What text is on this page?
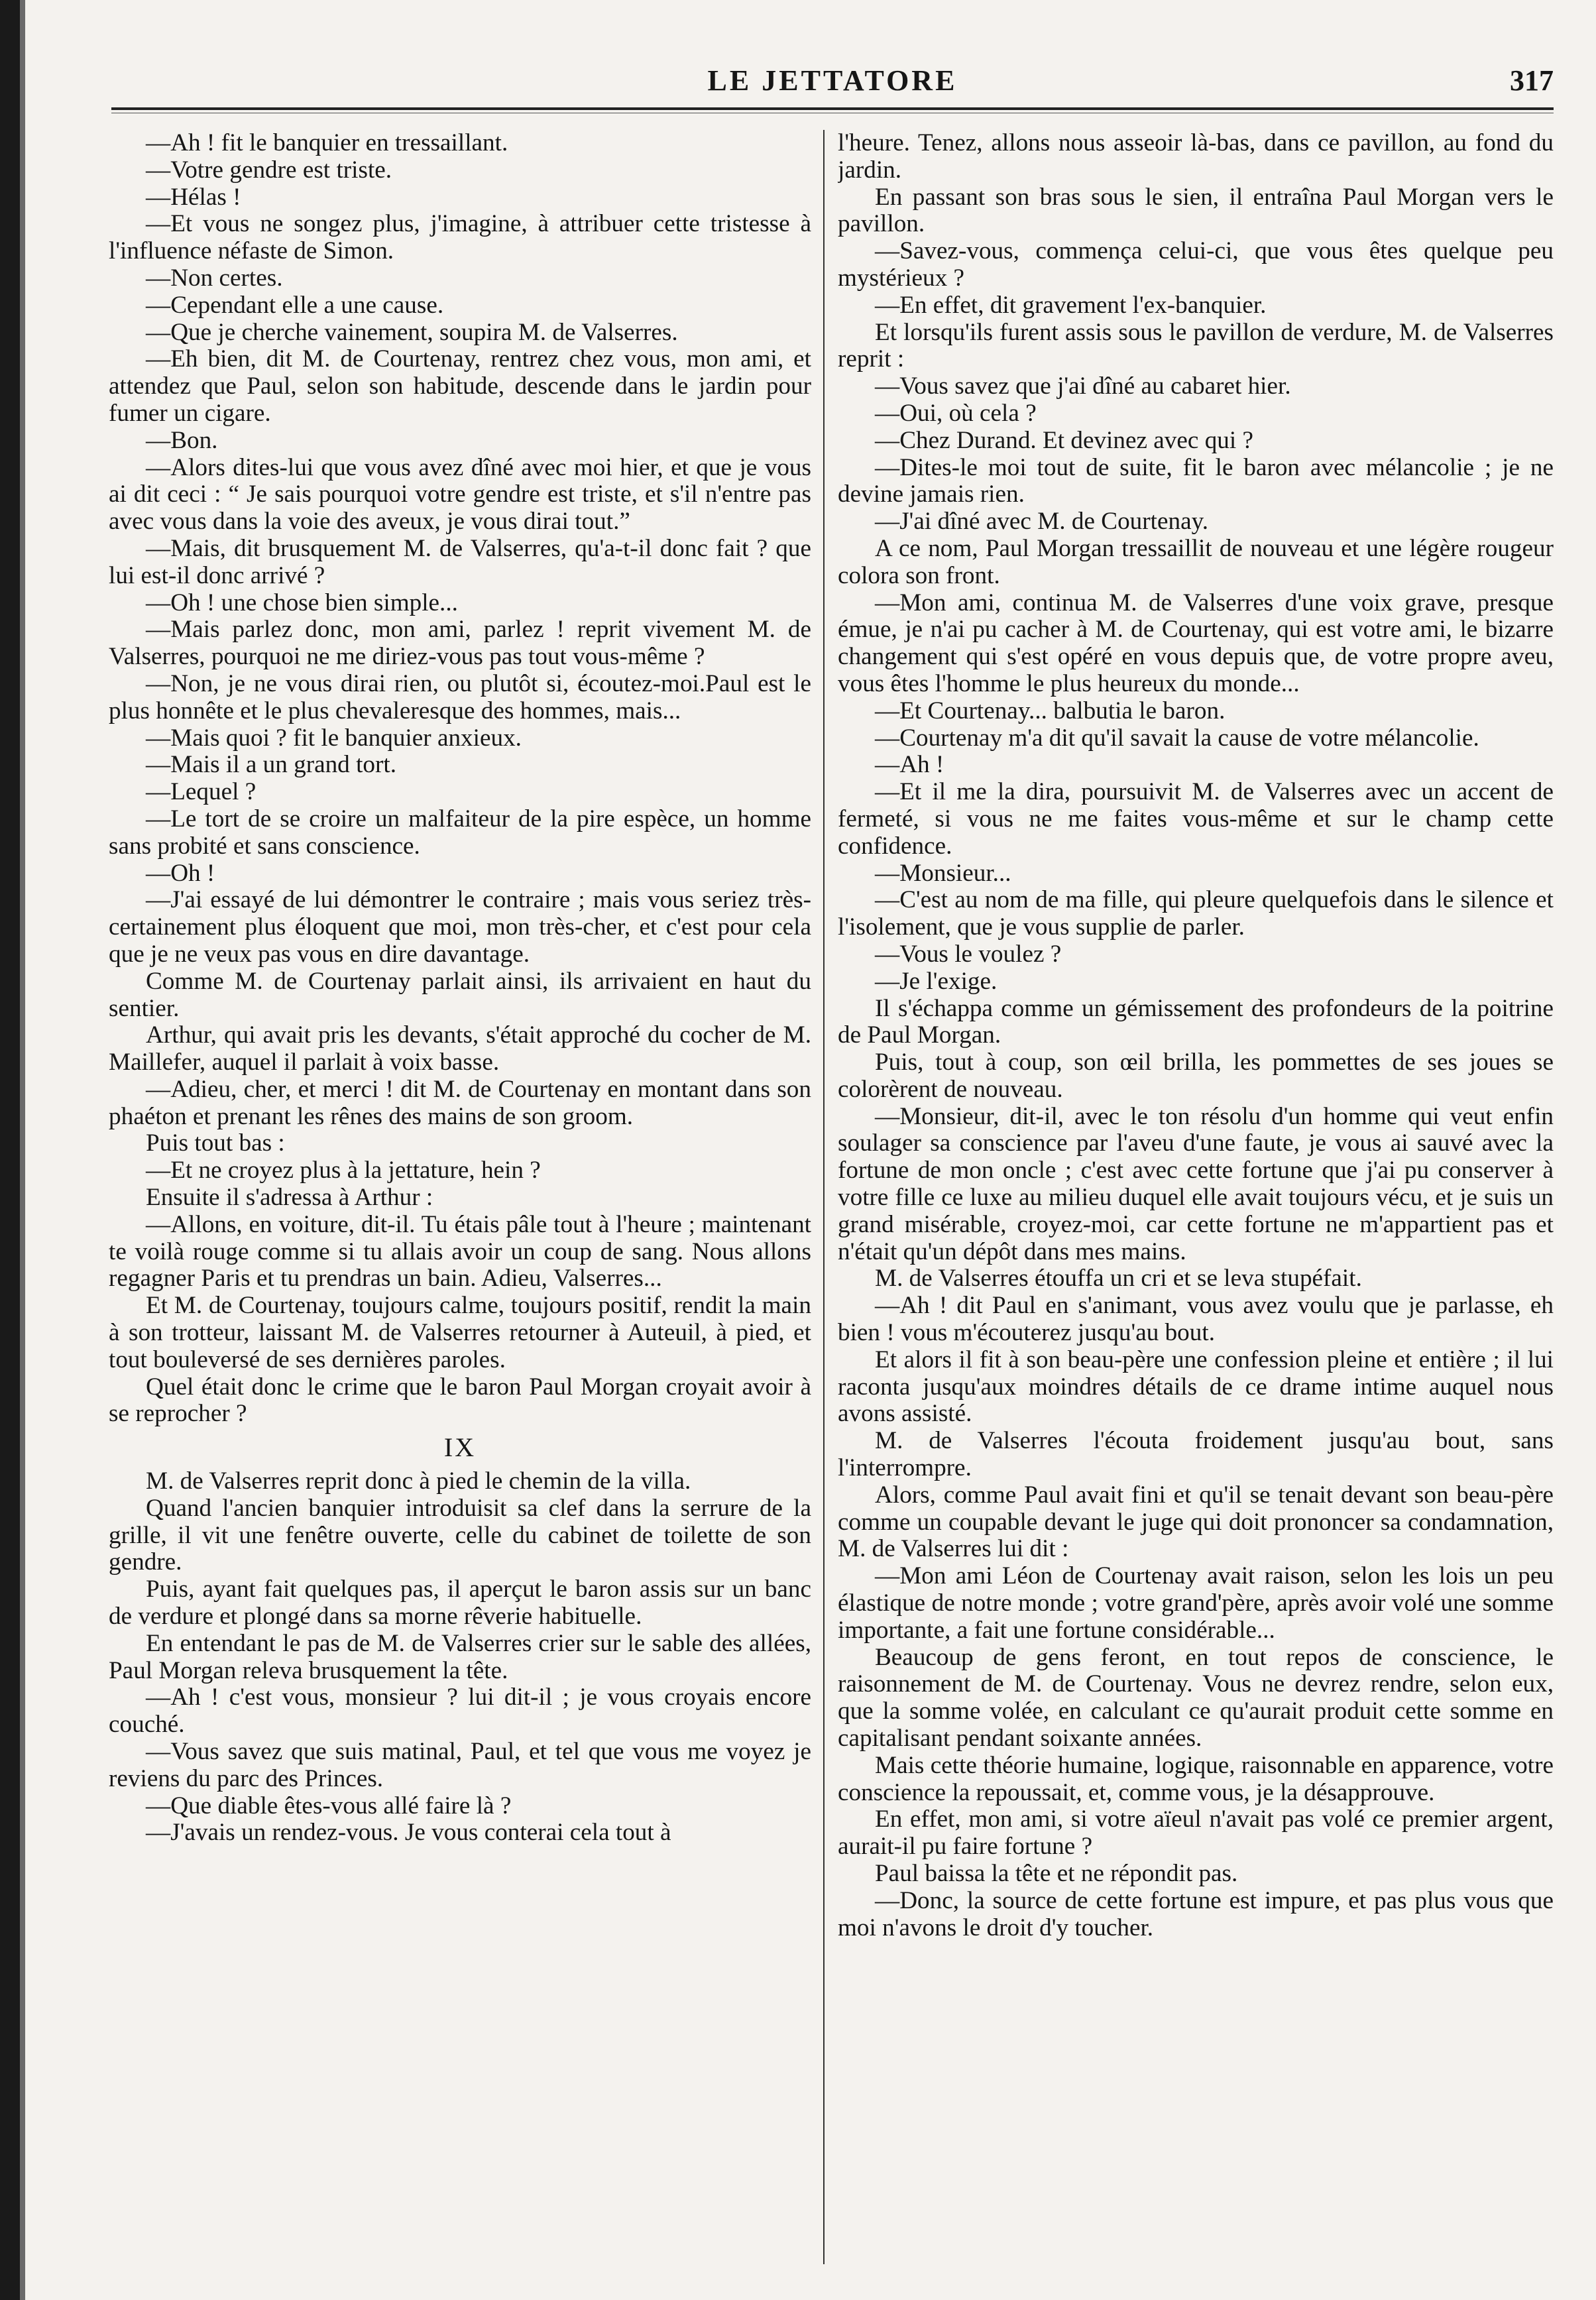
LE JETTATORE	317

—Ah ! fit le banquier en tressaillant.

—Votre gendre est triste.

—Hélas !

—Et vous ne songez plus, j'imagine, à attribuer cette tristesse à l'influence néfaste de Simon.

—Non certes.

—Cependant elle a une cause.

—Que je cherche vainement, soupira M. de Valserres.

—Eh bien, dit M. de Courtenay, rentrez chez vous, mon ami, et attendez que Paul, selon son habitude, descende dans le jardin pour fumer un cigare.

—Bon.

—Alors dites-lui que vous avez dîné avec moi hier, et que je vous ai dit ceci : “ Je sais pourquoi votre gendre est triste, et s'il n'entre pas avec vous dans la voie des aveux, je vous dirai tout.”

—Mais, dit brusquement M. de Valserres, qu'a-t-il donc fait ? que lui est-il donc arrivé ?

—Oh ! une chose bien simple...

—Mais parlez donc, mon ami, parlez ! reprit vivement M. de Valserres, pourquoi ne me diriez-vous pas tout vous-même ?

—Non, je ne vous dirai rien, ou plutôt si, écoutez-moi.Paul est le plus honnête et le plus chevaleresque des hommes, mais...

—Mais quoi ? fit le banquier anxieux.

—Mais il a un grand tort.

—Lequel ?

—Le tort de se croire un malfaiteur de la pire espèce, un homme sans probité et sans conscience.

—Oh !

—J'ai essayé de lui démontrer le contraire ; mais vous seriez très-certainement plus éloquent que moi, mon très-cher, et c'est pour cela que je ne veux pas vous en dire davantage.

Comme M. de Courtenay parlait ainsi, ils arrivaient en haut du sentier.

Arthur, qui avait pris les devants, s'était approché du cocher de M. Maillefer, auquel il parlait à voix basse.

—Adieu, cher, et merci ! dit M. de Courtenay en montant dans son phaéton et prenant les rênes des mains de son groom.

Puis tout bas :

—Et ne croyez plus à la jettature, hein ?

Ensuite il s'adressa à Arthur :

—Allons, en voiture, dit-il. Tu étais pâle tout à l'heure ; maintenant te voilà rouge comme si tu allais avoir un coup de sang. Nous allons regagner Paris et tu prendras un bain. Adieu, Valserres...

Et M. de Courtenay, toujours calme, toujours positif, rendit la main à son trotteur, laissant M. de Valserres retourner à Auteuil, à pied, et tout bouleversé de ses dernières paroles.

Quel était donc le crime que le baron Paul Morgan croyait avoir à se reprocher ?

IX

M. de Valserres reprit donc à pied le chemin de la villa.

Quand l'ancien banquier introduisit sa clef dans la serrure de la grille, il vit une fenêtre ouverte, celle du cabinet de toilette de son gendre.

Puis, ayant fait quelques pas, il aperçut le baron assis sur un banc de verdure et plongé dans sa morne rêverie habituelle.

En entendant le pas de M. de Valserres crier sur le sable des allées, Paul Morgan releva brusquement la tête.

—Ah ! c'est vous, monsieur ? lui dit-il ; je vous croyais encore couché.

—Vous savez que suis matinal, Paul, et tel que vous me voyez je reviens du parc des Princes.

—Que diable êtes-vous allé faire là ?

—J'avais un rendez-vous. Je vous conterai cela tout à

l'heure. Tenez, allons nous asseoir là-bas, dans ce pavillon, au fond du jardin.

En passant son bras sous le sien, il entraîna Paul Morgan vers le pavillon.

—Savez-vous, commença celui-ci, que vous êtes quelque peu mystérieux ?

—En effet, dit gravement l'ex-banquier.

Et lorsqu'ils furent assis sous le pavillon de verdure, M. de Valserres reprit :

—Vous savez que j'ai dîné au cabaret hier.

—Oui, où cela ?

—Chez Durand. Et devinez avec qui ?

—Dites-le moi tout de suite, fit le baron avec mélancolie ; je ne devine jamais rien.

—J'ai dîné avec M. de Courtenay.

A ce nom, Paul Morgan tressaillit de nouveau et une légère rougeur colora son front.

—Mon ami, continua M. de Valserres d'une voix grave, presque émue, je n'ai pu cacher à M. de Courtenay, qui est votre ami, le bizarre changement qui s'est opéré en vous depuis que, de votre propre aveu, vous êtes l'homme le plus heureux du monde...

—Et Courtenay... balbutia le baron.

—Courtenay m'a dit qu'il savait la cause de votre mélancolie.

—Ah !

—Et il me la dira, poursuivit M. de Valserres avec un accent de fermeté, si vous ne me faites vous-même et sur le champ cette confidence.

—Monsieur...

—C'est au nom de ma fille, qui pleure quelquefois dans le silence et l'isolement, que je vous supplie de parler.

—Vous le voulez ?

—Je l'exige.

Il s'échappa comme un gémissement des profondeurs de la poitrine de Paul Morgan.

Puis, tout à coup, son œil brilla, les pommettes de ses joues se colorèrent de nouveau.

—Monsieur, dit-il, avec le ton résolu d'un homme qui veut enfin soulager sa conscience par l'aveu d'une faute, je vous ai sauvé avec la fortune de mon oncle ; c'est avec cette fortune que j'ai pu conserver à votre fille ce luxe au milieu duquel elle avait toujours vécu, et je suis un grand misérable, croyez-moi, car cette fortune ne m'appartient pas et n'était qu'un dépôt dans mes mains.

M. de Valserres étouffa un cri et se leva stupéfait.

—Ah ! dit Paul en s'animant, vous avez voulu que je parlasse, eh bien ! vous m'écouterez jusqu'au bout.

Et alors il fit à son beau-père une confession pleine et entière ; il lui raconta jusqu'aux moindres détails de ce drame intime auquel nous avons assisté.

M. de Valserres l'écouta froidement jusqu'au bout, sans l'interrompre.

Alors, comme Paul avait fini et qu'il se tenait devant son beau-père comme un coupable devant le juge qui doit prononcer sa condamnation, M. de Valserres lui dit :

—Mon ami Léon de Courtenay avait raison, selon les lois un peu élastique de notre monde ; votre grand'père, après avoir volé une somme importante, a fait une fortune considérable...

Beaucoup de gens feront, en tout repos de conscience, le raisonnement de M. de Courtenay. Vous ne devrez rendre, selon eux, que la somme volée, en calculant ce qu'aurait produit cette somme en capitalisant pendant soixante années.

Mais cette théorie humaine, logique, raisonnable en apparence, votre conscience la repoussait, et, comme vous, je la désapprouve.

En effet, mon ami, si votre aïeul n'avait pas volé ce premier argent, aurait-il pu faire fortune ?

Paul baissa la tête et ne répondit pas.

—Donc, la source de cette fortune est impure, et pas plus vous que moi n'avons le droit d'y toucher.
